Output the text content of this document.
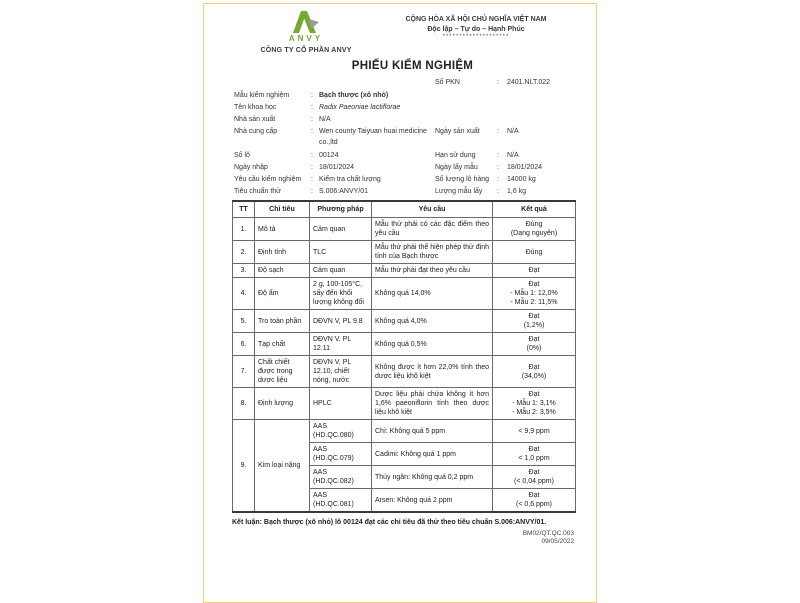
ANVY
CÔNG TY CỔ PHẦN ANVY
CỘNG HÒA XÃ HỘI CHỦ NGHĨA VIỆT NAM
Độc lập – Tự do – Hạnh Phúc
********************
PHIẾU KIỂM NGHIỆM
Số PKN	: 2401.NLT.022
Mẫu kiểm nghiệm	: Bạch thược (xô nhỏ)
Tên khoa học	: Radix Paeoniae lactiflorae
Nhà sản xuất	: N/A
Nhà cung cấp	: Wen county Taiyuan huai medicine co.,ltd
Số lô	: 00124
Ngày nhập	: 18/01/2024
Yêu cầu kiểm nghiệm : Kiểm tra chất lượng
Tiêu chuẩn thử	: S.006:ANVY/01
Ngày sản xuất : N/A
Hạn sử dụng	: N/A
Ngày lấy mẫu	: 18/01/2024
Số lượng lô hàng : 14000 kg
Lượng mẫu lấy : 1,6 kg
TT	Chỉ tiêu	Phương pháp	Yêu cầu	Kết quả
1.	Mô tả	Cảm quan	Mẫu thử phải có các đặc điểm theo yêu cầu	Đúng
(Dạng nguyên)

2.	Định tính	TLC	Mẫu thử phải thể hiện phép thử định tính của Bạch thược	Đúng

3.	Độ sạch	Cảm quan	Mẫu thử phải đạt theo yêu cầu	Đạt

4.	Độ ẩm	2 g, 100-105°C, sấy đến khối lượng không đổi	Không quá 14,0%	Đạt
- Mẫu 1: 12,0%
- Mẫu 2: 11,5%

5.	Tro toàn phần	DĐVN V, PL 9.8	Không quá 4,0%	Đạt
(1,2%)

6.	Tạp chất	DĐVN V, PL 12.11	Không quá 0,5%	Đạt
(0%)

7.	Chất chiết được trong dược liệu	DĐVN V, PL 12.10, chiết nóng, nước	Không được ít hơn 22,0% tính theo dược liệu khô kiệt	Đạt
(34,0%)

8.	Định lượng	HPLC	Dược liệu phải chứa không ít hơn 1,6% paeoniflorin tính theo dược liệu khô kiệt	Đạt
- Mẫu 1: 3,1%
- Mẫu 2: 3,5%

9.	Kim loại nặng	AAS (HD.QC.080)	Chì: Không quá 5 ppm	< 9,9 ppm

		AAS (HD.QC.079)	Cadimi: Không quá 1 ppm	Đạt
< 1,0 ppm

		AAS (HD.QC.082)	Thủy ngân: Không quá 0,2 ppm	Đạt
(< 0,04 ppm)

		AAS (HD.QC.081)	Arsen: Không quá 2 ppm	Đạt
(< 0,6 ppm)
Kết luận: Bạch thược (xô nhỏ) lô 00124 đạt các chỉ tiêu đã thử theo tiêu chuẩn S.006:ANVY/01.
BM02/QT.QC.003
09/05/2022
